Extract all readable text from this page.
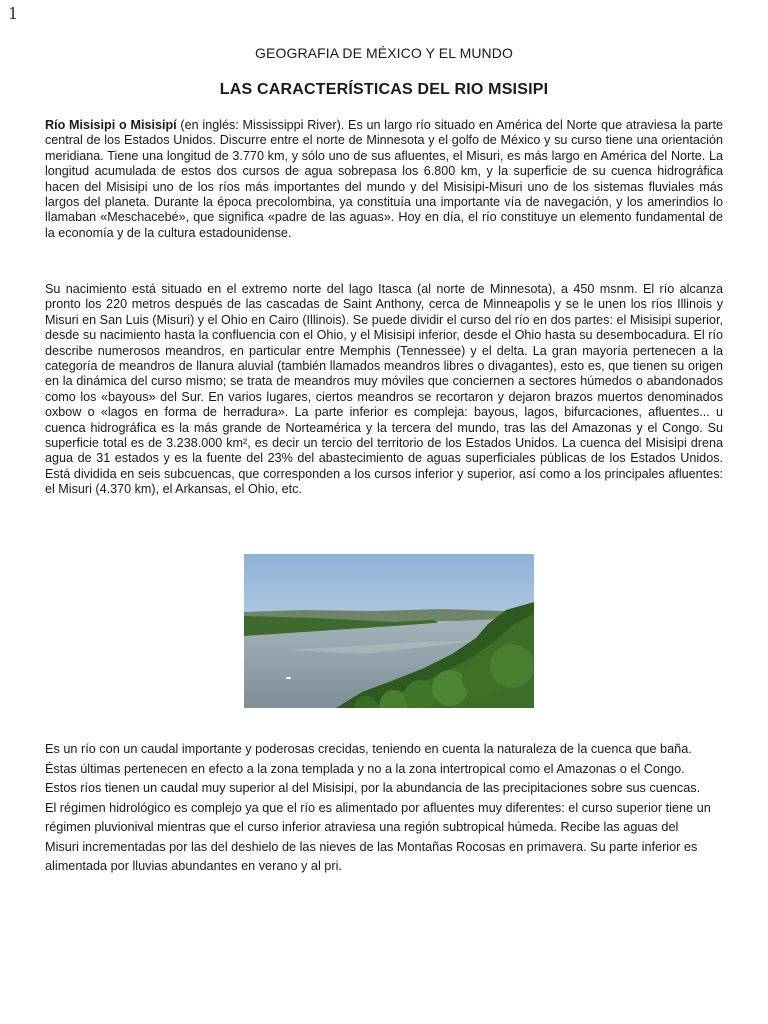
1
GEOGRAFIA DE MÉXICO Y EL MUNDO
LAS CARACTERÍSTICAS DEL RIO MSISIPI
Río Misisipi o Misisipí (en inglés: Mississippi River). Es un largo río situado en América del Norte que atraviesa la parte central de los Estados Unidos. Discurre entre el norte de Minnesota y el golfo de México y su curso tiene una orientación meridiana. Tiene una longitud de 3.770 km, y sólo uno de sus afluentes, el Misuri, es más largo en América del Norte. La longitud acumulada de estos dos cursos de agua sobrepasa los 6.800 km, y la superficie de su cuenca hidrográfica hacen del Misisipi uno de los ríos más importantes del mundo y del Misisipi-Misuri uno de los sistemas fluviales más largos del planeta. Durante la época precolombina, ya constituía una importante vía de navegación, y los amerindios lo llamaban «Meschacebé», que significa «padre de las aguas». Hoy en día, el río constituye un elemento fundamental de la economía y de la cultura estadounidense.
Su nacimiento está situado en el extremo norte del lago Itasca (al norte de Minnesota), a 450 msnm. El río alcanza pronto los 220 metros después de las cascadas de Saint Anthony, cerca de Minneapolis y se le unen los ríos Illinois y Misuri en San Luis (Misuri) y el Ohio en Cairo (Illinois). Se puede dividir el curso del río en dos partes: el Misisipi superior, desde su nacimiento hasta la confluencia con el Ohio, y el Misisipi inferior, desde el Ohio hasta su desembocadura. El río describe numerosos meandros, en particular entre Memphis (Tennessee) y el delta. La gran mayoría pertenecen a la categoría de meandros de llanura aluvial (también llamados meandros libres o divagantes), esto es, que tienen su origen en la dinámica del curso mismo; se trata de meandros muy móviles que conciernen a sectores húmedos o abandonados como los «bayous» del Sur. En varios lugares, ciertos meandros se recortaron y dejaron brazos muertos denominados oxbow o «lagos en forma de herradura». La parte inferior es compleja: bayous, lagos, bifurcaciones, afluentes... u cuenca hidrográfica es la más grande de Norteamérica y la tercera del mundo, tras las del Amazonas y el Congo. Su superficie total es de 3.238.000 km², es decir un tercio del territorio de los Estados Unidos. La cuenca del Misisipi drena agua de 31 estados y es la fuente del 23% del abastecimiento de aguas superficiales públicas de los Estados Unidos. Está dividida en seis subcuencas, que corresponden a los cursos inferior y superior, así como a los principales afluentes: el Misuri (4.370 km), el Arkansas, el Ohio, etc.
Es un río con un caudal importante y poderosas crecidas, teniendo en cuenta la naturaleza de la cuenca que baña. Éstas últimas pertenecen en efecto a la zona templada y no a la zona intertropical como el Amazonas o el Congo. Estos ríos tienen un caudal muy superior al del Misisipi, por la abundancia de las precipitaciones sobre sus cuencas. El régimen hidrológico es complejo ya que el río es alimentado por afluentes muy diferentes: el curso superior tiene un régimen pluvionival mientras que el curso inferior atraviesa una región subtropical húmeda. Recibe las aguas del Misuri incrementadas por las del deshielo de las nieves de las Montañas Rocosas en primavera. Su parte inferior es alimentada por lluvias abundantes en verano y al pri.
